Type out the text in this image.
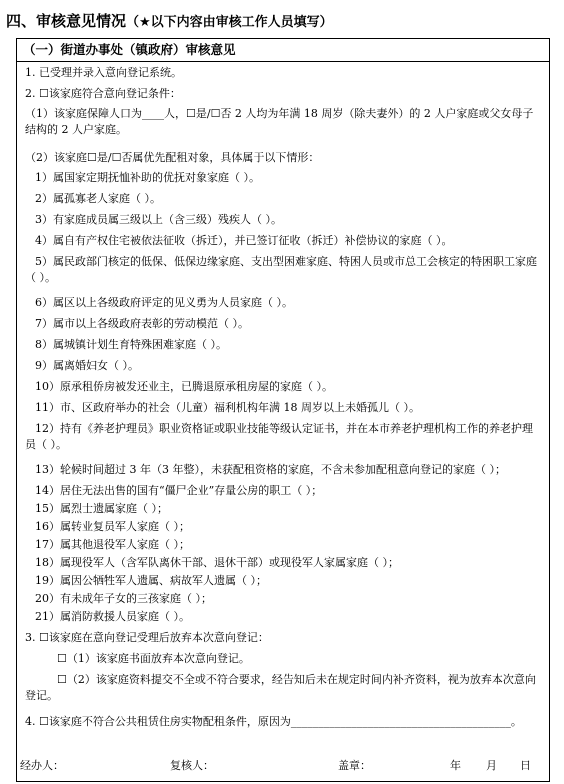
四、审核意见情况（★以下内容由审核工作人员填写）
（一）街道办事处（镇政府）审核意见
1. 已受理并录入意向登记系统。
2. ☐该家庭符合意向登记条件：
（1）该家庭保障人口为____人，☐是/☐否 2 人均为年满 18 周岁（除夫妻外）的 2 人户家庭或父女母子结构的 2 人户家庭。
（2）该家庭☐是/☐否属优先配租对象，具体属于以下情形：
1）属国家定期抚恤补助的优抚对象家庭（ ）。
2）属孤寡老人家庭（ ）。
3）有家庭成员属三级以上（含三级）残疾人（ ）。
4）属自有产权住宅被依法征收（拆迁），并已签订征收（拆迁）补偿协议的家庭（ ）。
5）属民政部门核定的低保、低保边缘家庭、支出型困难家庭、特困人员或市总工会核定的特困职工家庭（ ）。
6）属区以上各级政府评定的见义勇为人员家庭（ ）。
7）属市以上各级政府表彰的劳动模范（ ）。
8）属城镇计划生育特殊困难家庭（ ）。
9）属离婚妇女（ ）。
10）原承租侨房被发还业主，已腾退原承租房屋的家庭（ ）。
11）市、区政府举办的社会（儿童）福利机构年满 18 周岁以上未婚孤儿（ ）。
12）持有《养老护理员》职业资格证或职业技能等级认定证书，并在本市养老护理机构工作的养老护理员（ ）。
13）轮候时间超过 3 年（3 年整），未获配租资格的家庭，不含未参加配租意向登记的家庭（ ）；
14）居住无法出售的国有“僵尸企业”存量公房的职工（ ）；
15）属烈士遗属家庭（ ）；
16）属转业复员军人家庭（ ）；
17）属其他退役军人家庭（ ）；
18）属现役军人（含军队离休干部、退休干部）或现役军人家属家庭（ ）；
19）属因公牺牲军人遗属、病故军人遗属（ ）；
20）有未成年子女的三孩家庭（ ）；
21）属消防救援人员家庭（ ）。
3. ☐该家庭在意向登记受理后放弃本次意向登记：
☐（1）该家庭书面放弃本次意向登记。
☐（2）该家庭资料提交不全或不符合要求，经告知后未在规定时间内补齐资料，视为放弃本次意向登记。
4. ☐该家庭不符合公共租赁住房实物配租条件，原因为________________________________________。
经办人：	复核人：	盖章：	年 月 日
